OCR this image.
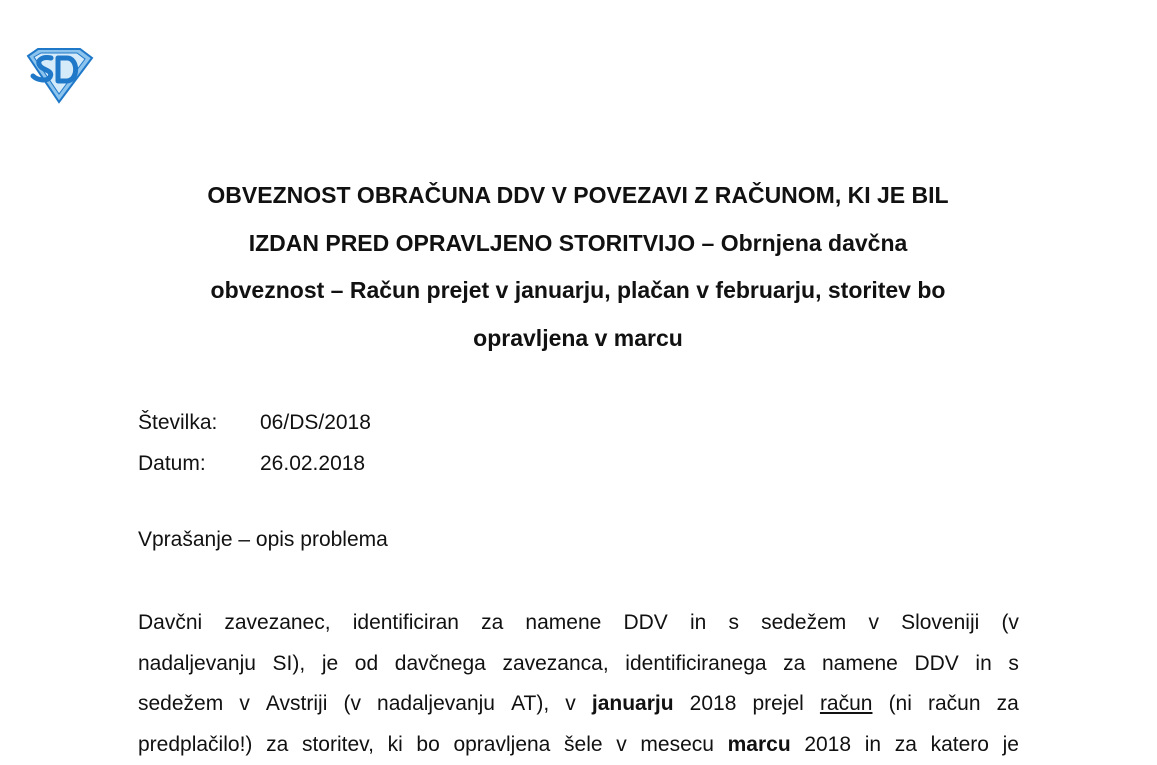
OBVEZNOST OBRAČUNA DDV V POVEZAVI Z RAČUNOM, KI JE BIL
IZDAN PRED OPRAVLJENO STORITVIJO – Obrnjena davčna
obveznost – Račun prejet v januarju, plačan v februarju, storitev bo
opravljena v marcu
Številka:	06/DS/2018
Datum:	26.02.2018
Vprašanje – opis problema
Davčni zavezanec, identificiran za namene DDV in s sedežem v Sloveniji (v
nadaljevanju SI), je od davčnega zavezanca, identificiranega za namene DDV in s
sedežem v Avstriji (v nadaljevanju AT), v januarju 2018 prejel račun (ni račun za
predplačilo!) za storitev, ki bo opravljena šele v mesecu marcu 2018 in za katero je
